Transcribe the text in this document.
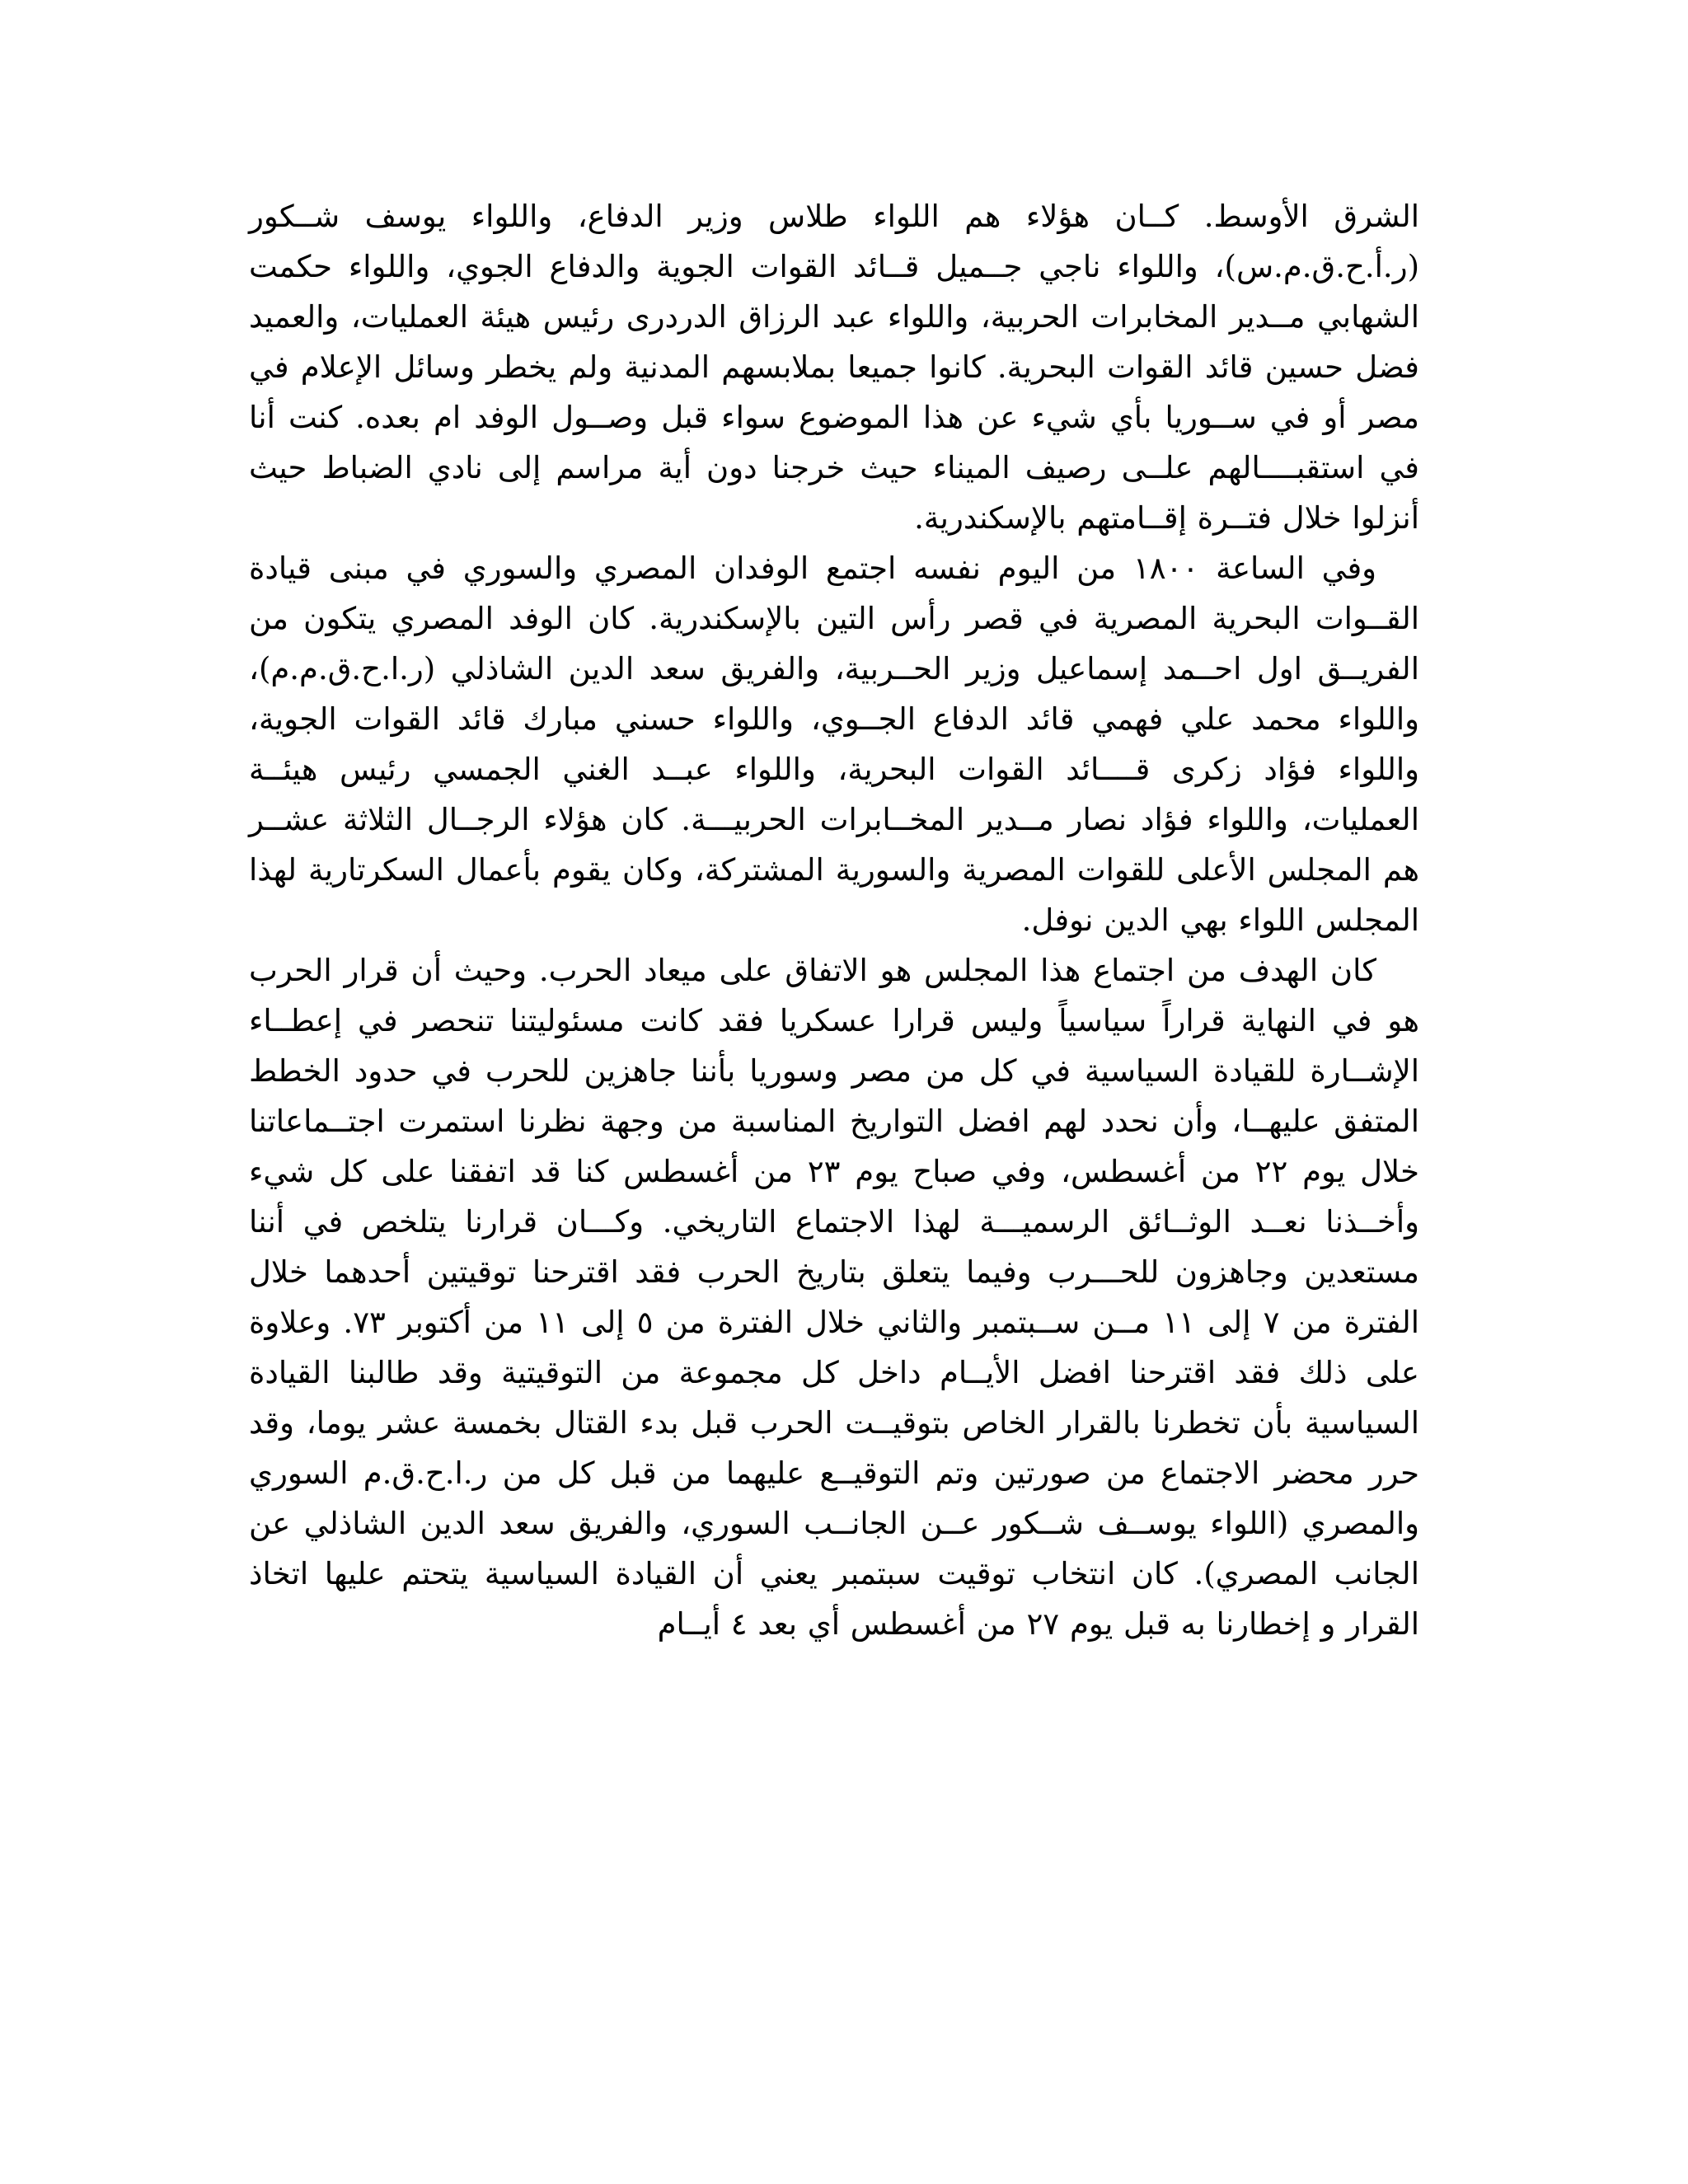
الشرق الأوسط. كــان هؤلاء هم اللواء طلاس وزير الدفاع، واللواء يوسف شــكور (ر.أ.ح.ق.م.س)، واللواء ناجي جــميل قــائد القوات الجوية والدفاع الجوي، واللواء حكمت الشهابي مــدير المخابرات الحربية، واللواء عبد الرزاق الدردرى رئيس هيئة العمليات، والعميد فضل حسين قائد القوات البحرية. كانوا جميعا بملابسهم المدنية ولم يخطر وسائل الإعلام في مصر أو في ســوريا بأي شيء عن هذا الموضوع سواء قبل وصــول الوفد ام بعده. كنت أنا في استقبــــالهم علــى رصيف الميناء حيث خرجنا دون أية مراسم إلى نادي الضباط حيث أنزلوا خلال فتــرة إقــامتهم بالإسكندرية.

وفي الساعة ١٨٠٠ من اليوم نفسه اجتمع الوفدان المصري والسوري في مبنى قيادة القــوات البحرية المصرية في قصر رأس التين بالإسكندرية. كان الوفد المصري يتكون من الفريــق اول احــمد إسماعيل وزير الحــربية، والفريق سعد الدين الشاذلي (ر.ا.ح.ق.م.م)، واللواء محمد علي فهمي قائد الدفاع الجــوي، واللواء حسني مبارك قائد القوات الجوية، واللواء فؤاد زكرى قــــائد القوات البحرية، واللواء عبــد الغني الجمسي رئيس هيئــة العمليات، واللواء فؤاد نصار مــدير المخــابرات الحربيـــة. كان هؤلاء الرجــال الثلاثة عشــر هم المجلس الأعلى للقوات المصرية والسورية المشتركة، وكان يقوم بأعمال السكرتارية لهذا المجلس اللواء بهي الدين نوفل.

كان الهدف من اجتماع هذا المجلس هو الاتفاق على ميعاد الحرب. وحيث أن قرار الحرب هو في النهاية قراراً سياسياً وليس قرارا عسكريا فقد كانت مسئوليتنا تنحصر في إعطــاء الإشــارة للقيادة السياسية في كل من مصر وسوريا بأننا جاهزين للحرب في حدود الخطط المتفق عليهــا، وأن نحدد لهم افضل التواريخ المناسبة من وجهة نظرنا استمرت اجتــماعاتنا خلال يوم ٢٢ من أغسطس، وفي صباح يوم ٢٣ من أغسطس كنا قد اتفقنا على كل شيء وأخــذنا نعــد الوثــائق الرسميـــة لهذا الاجتماع التاريخي. وكـــان قرارنا يتلخص في أننا مستعدين وجاهزون للحـــرب وفيما يتعلق بتاريخ الحرب فقد اقترحنا توقيتين أحدهما خلال الفترة من ٧ إلى ١١ مــن ســبتمبر والثاني خلال الفترة من ٥ إلى ١١ من أكتوبر ٧٣. وعلاوة على ذلك فقد اقترحنا افضل الأيــام داخل كل مجموعة من التوقيتية وقد طالبنا القيادة السياسية بأن تخطرنا بالقرار الخاص بتوقيــت الحرب قبل بدء القتال بخمسة عشر يوما، وقد حرر محضر الاجتماع من صورتين وتم التوقيــع عليهما من قبل كل من ر.ا.ح.ق.م السوري والمصري (اللواء يوســف شــكور عــن الجانــب السوري، والفريق سعد الدين الشاذلي عن الجانب المصري). كان انتخاب توقيت سبتمبر يعني أن القيادة السياسية يتحتم عليها اتخاذ القرار و إخطارنا به قبل يوم ٢٧ من أغسطس أي بعد ٤ أيــام
